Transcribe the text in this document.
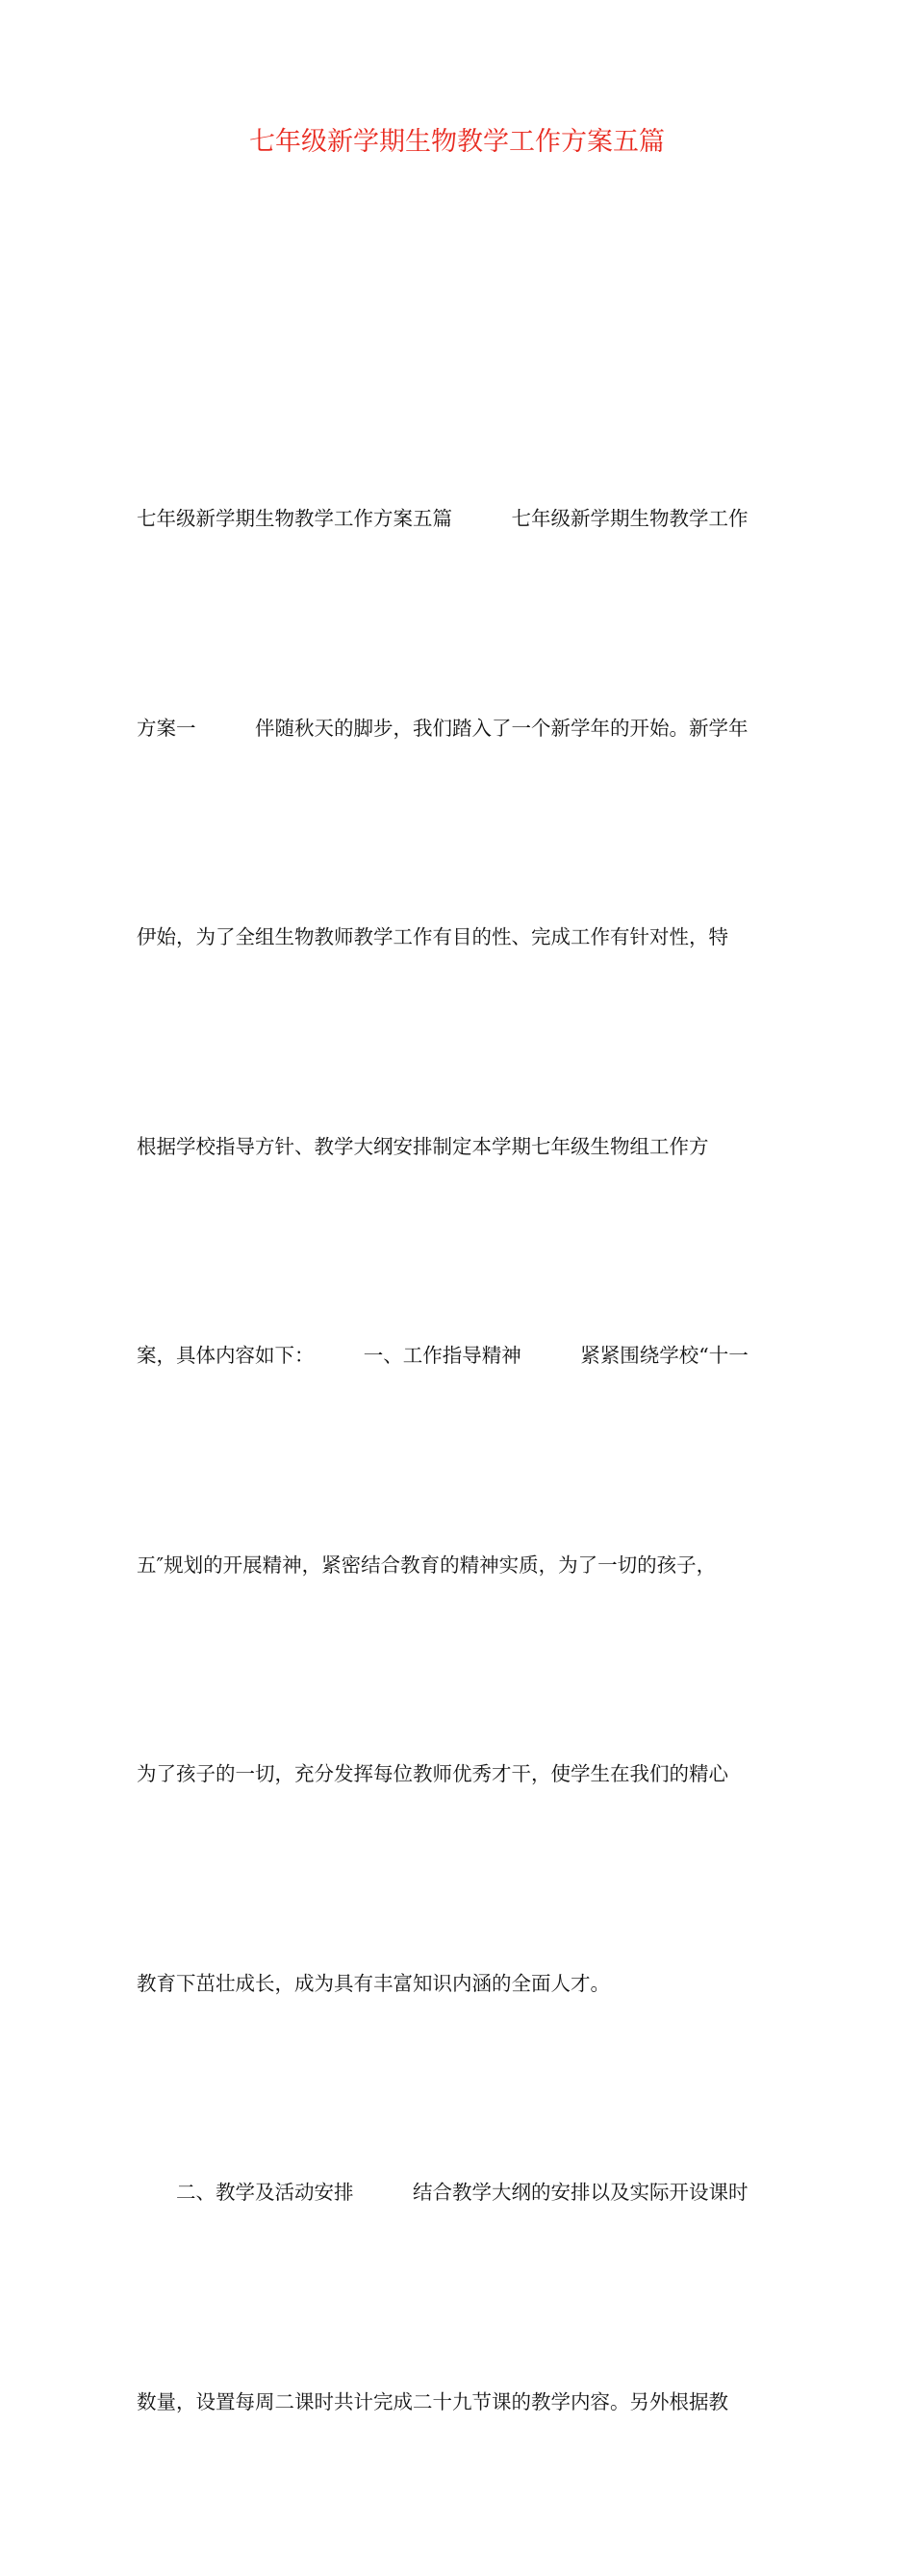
七年级新学期生物教学工作方案五篇

七年级新学期生物教学工作方案五篇　　　七年级新学期生物教学工作

方案一　　　伴随秋天的脚步，我们踏入了一个新学年的开始。新学年

伊始，为了全组生物教师教学工作有目的性、完成工作有针对性，特

根据学校指导方针、教学大纲安排制定本学期七年级生物组工作方

案，具体内容如下：　　　一、工作指导精神　　　紧紧围绕学校“十一

五″规划的开展精神，紧密结合教育的精神实质，为了一切的孩子，

为了孩子的一切，充分发挥每位教师优秀才干，使学生在我们的精心

教育下茁壮成长，成为具有丰富知识内涵的全面人才。

　　二、教学及活动安排　　　结合教学大纲的安排以及实际开设课时

数量，设置每周二课时共计完成二十九节课的教学内容。另外根据教
